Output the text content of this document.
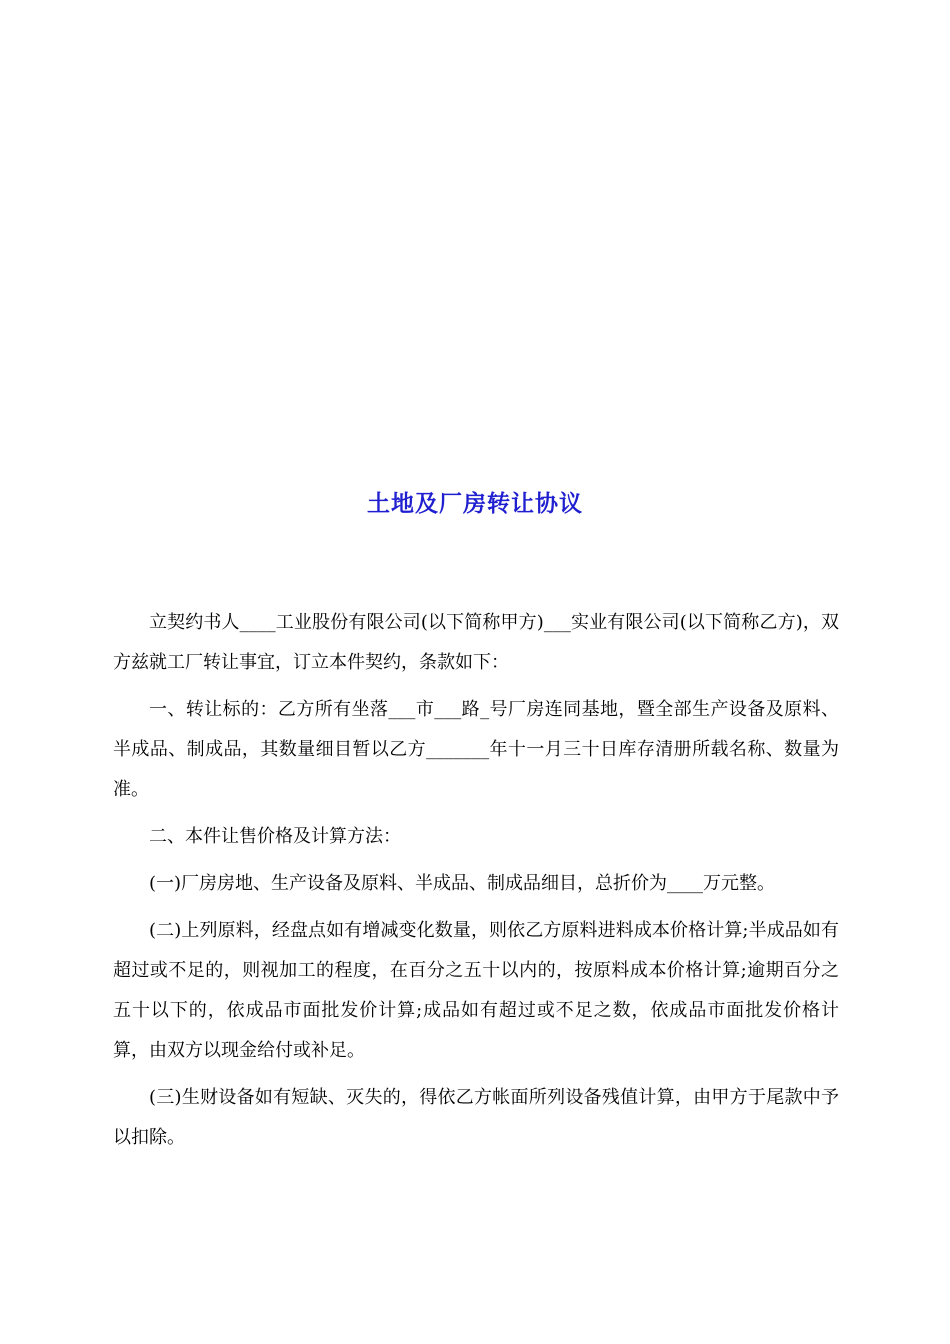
土地及厂房转让协议

立契约书人____工业股份有限公司(以下简称甲方)___实业有限公司(以下简称乙方)，双方兹就工厂转让事宜，订立本件契约，条款如下：

一、转让标的：乙方所有坐落___市___路_号厂房连同基地，暨全部生产设备及原料、半成品、制成品，其数量细目暂以乙方_______年十一月三十日库存清册所载名称、数量为准。

二、本件让售价格及计算方法：

(一)厂房房地、生产设备及原料、半成品、制成品细目，总折价为____万元整。

(二)上列原料，经盘点如有增减变化数量，则依乙方原料进料成本价格计算;半成品如有超过或不足的，则视加工的程度，在百分之五十以内的，按原料成本价格计算;逾期百分之五十以下的，依成品市面批发价计算;成品如有超过或不足之数，依成品市面批发价格计算，由双方以现金给付或补足。

(三)生财设备如有短缺、灭失的，得依乙方帐面所列设备残值计算，由甲方于尾款中予以扣除。
